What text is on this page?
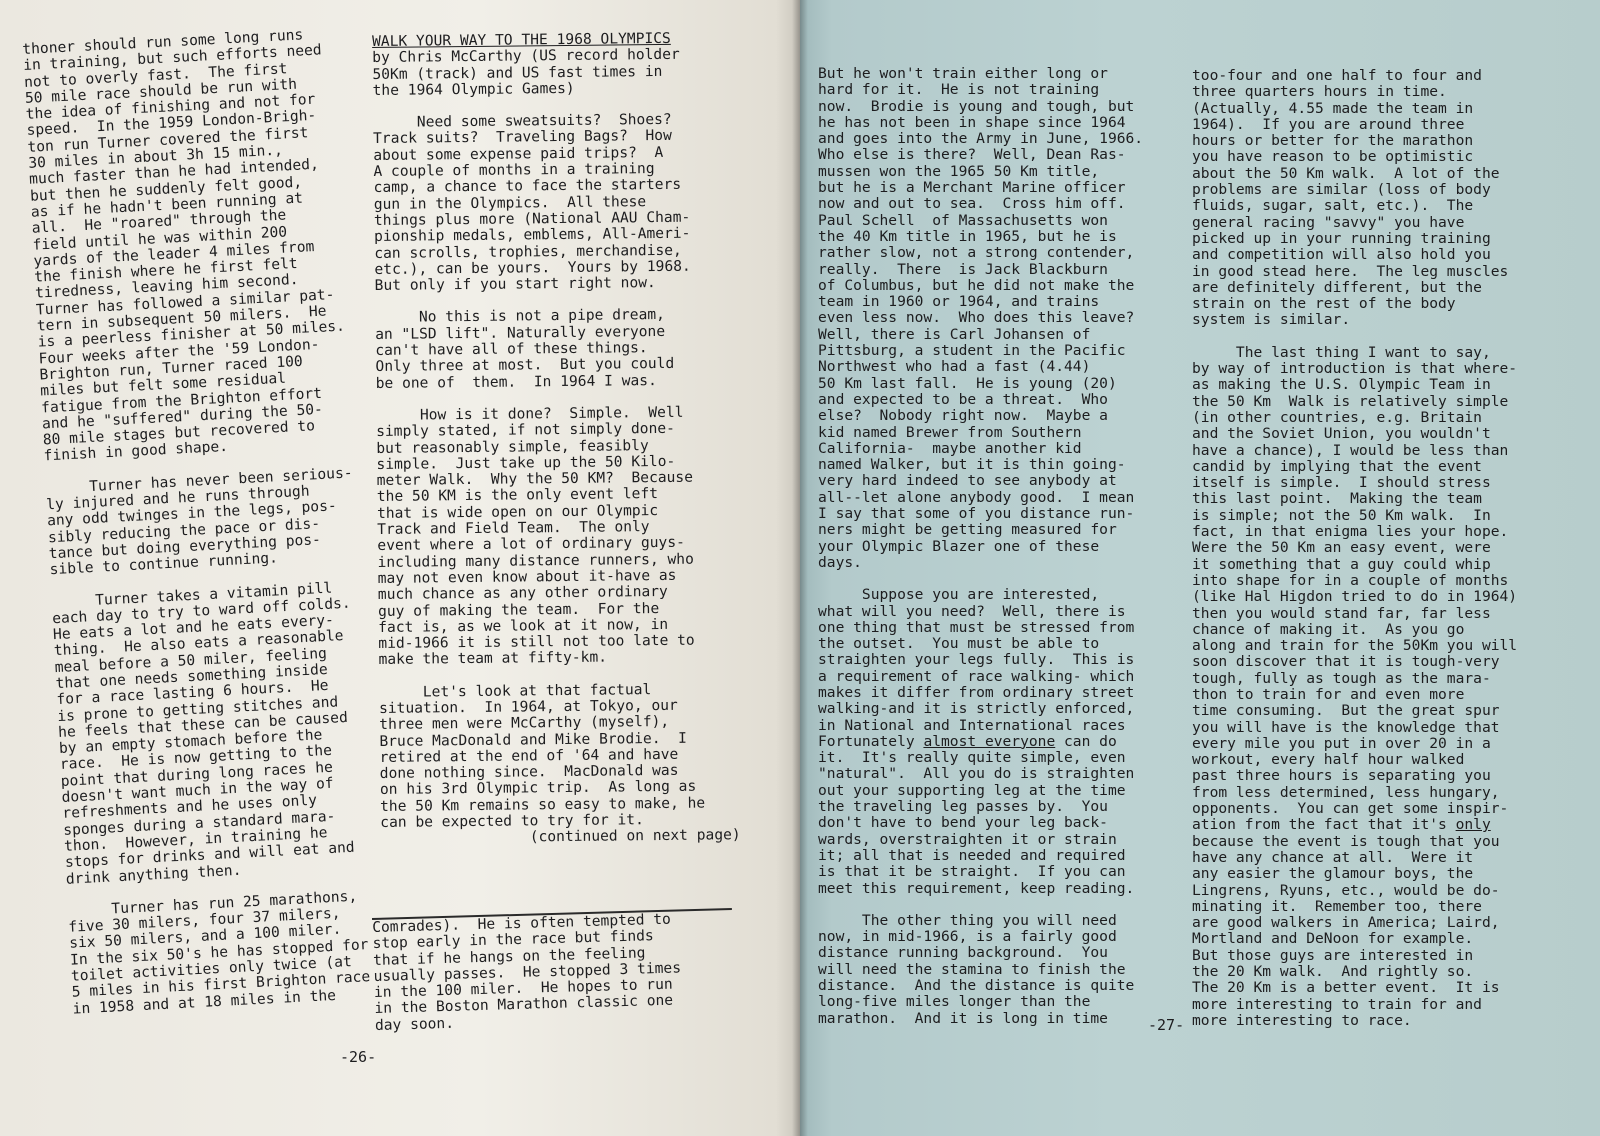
thoner should run some long runs
in training, but such efforts need
not to overly fast.  The first
50 mile race should be run with
the idea of finishing and not for
speed.  In the 1959 London-Brigh-
ton run Turner covered the first
30 miles in about 3h 15 min.,
much faster than he had intended,
but then he suddenly felt good,
as if he hadn't been running at
all.  He "roared" through the
field until he was within 200
yards of the leader 4 miles from
the finish where he first felt
tiredness, leaving him second.
Turner has followed a similar pat-
tern in subsequent 50 milers.  He
is a peerless finisher at 50 miles.
Four weeks after the '59 London-
Brighton run, Turner raced 100
miles but felt some residual
fatigue from the Brighton effort
and he "suffered" during the 50-
80 mile stages but recovered to
finish in good shape.

Turner has never been serious-
ly injured and he runs through
any odd twinges in the legs, pos-
sibly reducing the pace or dis-
tance but doing everything pos-
sible to continue running.

Turner takes a vitamin pill
each day to try to ward off colds.
He eats a lot and he eats every-
thing.  He also eats a reasonable
meal before a 50 miler, feeling
that one needs something inside
for a race lasting 6 hours.  He
is prone to getting stitches and
he feels that these can be caused
by an empty stomach before the
race.  He is now getting to the
point that during long races he
doesn't want much in the way of
refreshments and he uses only
sponges during a standard mara-
thon.  However, in training he
stops for drinks and will eat and
drink anything then.

Turner has run 25 marathons,
five 30 milers, four 37 milers,
six 50 milers, and a 100 miler.
In the six 50's he has stopped for
toilet activities only twice (at
5 miles in his first Brighton race
in 1958 and at 18 miles in the

WALK YOUR WAY TO THE 1968 OLYMPICS

by Chris McCarthy (US record holder
50Km (track) and US fast times in
the 1964 Olympic Games)

Need some sweatsuits?  Shoes?
Track suits?  Traveling Bags?  How
about some expense paid trips?  A
A couple of months in a training
camp, a chance to face the starters
gun in the Olympics.  All these
things plus more (National AAU Cham-
pionship medals, emblems, All-Ameri-
can scrolls, trophies, merchandise,
etc.), can be yours.  Yours by 1968.
But only if you start right now.

No this is not a pipe dream,
an "LSD lift". Naturally everyone
can't have all of these things.
Only three at most.  But you could
be one of  them.  In 1964 I was.

How is it done?  Simple.  Well
simply stated, if not simply done-
but reasonably simple, feasibly
simple.  Just take up the 50 Kilo-
meter Walk.  Why the 50 KM?  Because
the 50 KM is the only event left
that is wide open on our Olympic
Track and Field Team.  The only
event where a lot of ordinary guys-
including many distance runners, who
may not even know about it-have as
much chance as any other ordinary
guy of making the team.  For the
fact is, as we look at it now, in
mid-1966 it is still not too late to
make the team at fifty-km.

Let's look at that factual
situation.  In 1964, at Tokyo, our
three men were McCarthy (myself),
Bruce MacDonald and Mike Brodie.  I
retired at the end of '64 and have
done nothing since.  MacDonald was
on his 3rd Olympic trip.  As long as
the 50 Km remains so easy to make, he
can be expected to try for it.
(continued on next page)

Comrades).  He is often tempted to
stop early in the race but finds
that if he hangs on the feeling
usually passes.  He stopped 3 times
in the 100 miler.  He hopes to run
in the Boston Marathon classic one
day soon.

-26-

But he won't train either long or
hard for it.  He is not training
now.  Brodie is young and tough, but
he has not been in shape since 1964
and goes into the Army in June, 1966.
Who else is there?  Well, Dean Ras-
mussen won the 1965 50 Km title,
but he is a Merchant Marine officer
now and out to sea.  Cross him off.
Paul Schell  of Massachusetts won
the 40 Km title in 1965, but he is
rather slow, not a strong contender,
really.  There  is Jack Blackburn
of Columbus, but he did not make the
team in 1960 or 1964, and trains
even less now.  Who does this leave?
Well, there is Carl Johansen of
Pittsburg, a student in the Pacific
Northwest who had a fast (4.44)
50 Km last fall.  He is young (20)
and expected to be a threat.  Who
else?  Nobody right now.  Maybe a
kid named Brewer from Southern
California-  maybe another kid
named Walker, but it is thin going-
very hard indeed to see anybody at
all--let alone anybody good.  I mean
I say that some of you distance run-
ners might be getting measured for
your Olympic Blazer one of these
days.

Suppose you are interested,
what will you need?  Well, there is
one thing that must be stressed from
the outset.  You must be able to
straighten your legs fully.  This is
a requirement of race walking- which
makes it differ from ordinary street
walking-and it is strictly enforced,
in National and International races
Fortunately almost everyone can do
it.  It's really quite simple, even
"natural".  All you do is straighten
out your supporting leg at the time
the traveling leg passes by.  You
don't have to bend your leg back-
wards, overstraighten it or strain
it; all that is needed and required
is that it be straight.  If you can
meet this requirement, keep reading.

The other thing you will need
now, in mid-1966, is a fairly good
distance running background.  You
will need the stamina to finish the
distance.  And the distance is quite
long-five miles longer than the
marathon.  And it is long in time

too-four and one half to four and
three quarters hours in time.
(Actually, 4.55 made the team in
1964).  If you are around three
hours or better for the marathon
you have reason to be optimistic
about the 50 Km walk.  A lot of the
problems are similar (loss of body
fluids, sugar, salt, etc.).  The
general racing "savvy" you have
picked up in your running training
and competition will also hold you
in good stead here.  The leg muscles
are definitely different, but the
strain on the rest of the body
system is similar.

The last thing I want to say,
by way of introduction is that where-
as making the U.S. Olympic Team in
the 50 Km  Walk is relatively simple
(in other countries, e.g. Britain
and the Soviet Union, you wouldn't
have a chance), I would be less than
candid by implying that the event
itself is simple.  I should stress
this last point.  Making the team
is simple; not the 50 Km walk.  In
fact, in that enigma lies your hope.
Were the 50 Km an easy event, were
it something that a guy could whip
into shape for in a couple of months
(like Hal Higdon tried to do in 1964)
then you would stand far, far less
chance of making it.  As you go
along and train for the 50Km you will
soon discover that it is tough-very
tough, fully as tough as the mara-
thon to train for and even more
time consuming.  But the great spur
you will have is the knowledge that
every mile you put in over 20 in a
workout, every half hour walked
past three hours is separating you
from less determined, less hungary,
opponents.  You can get some inspir-
ation from the fact that it's only
because the event is tough that you
have any chance at all.  Were it
any easier the glamour boys, the
Lingrens, Ryuns, etc., would be do-
minating it.  Remember too, there
are good walkers in America; Laird,
Mortland and DeNoon for example.
But those guys are interested in
the 20 Km walk.  And rightly so.
The 20 Km is a better event.  It is
more interesting to train for and
more interesting to race.

-27-
